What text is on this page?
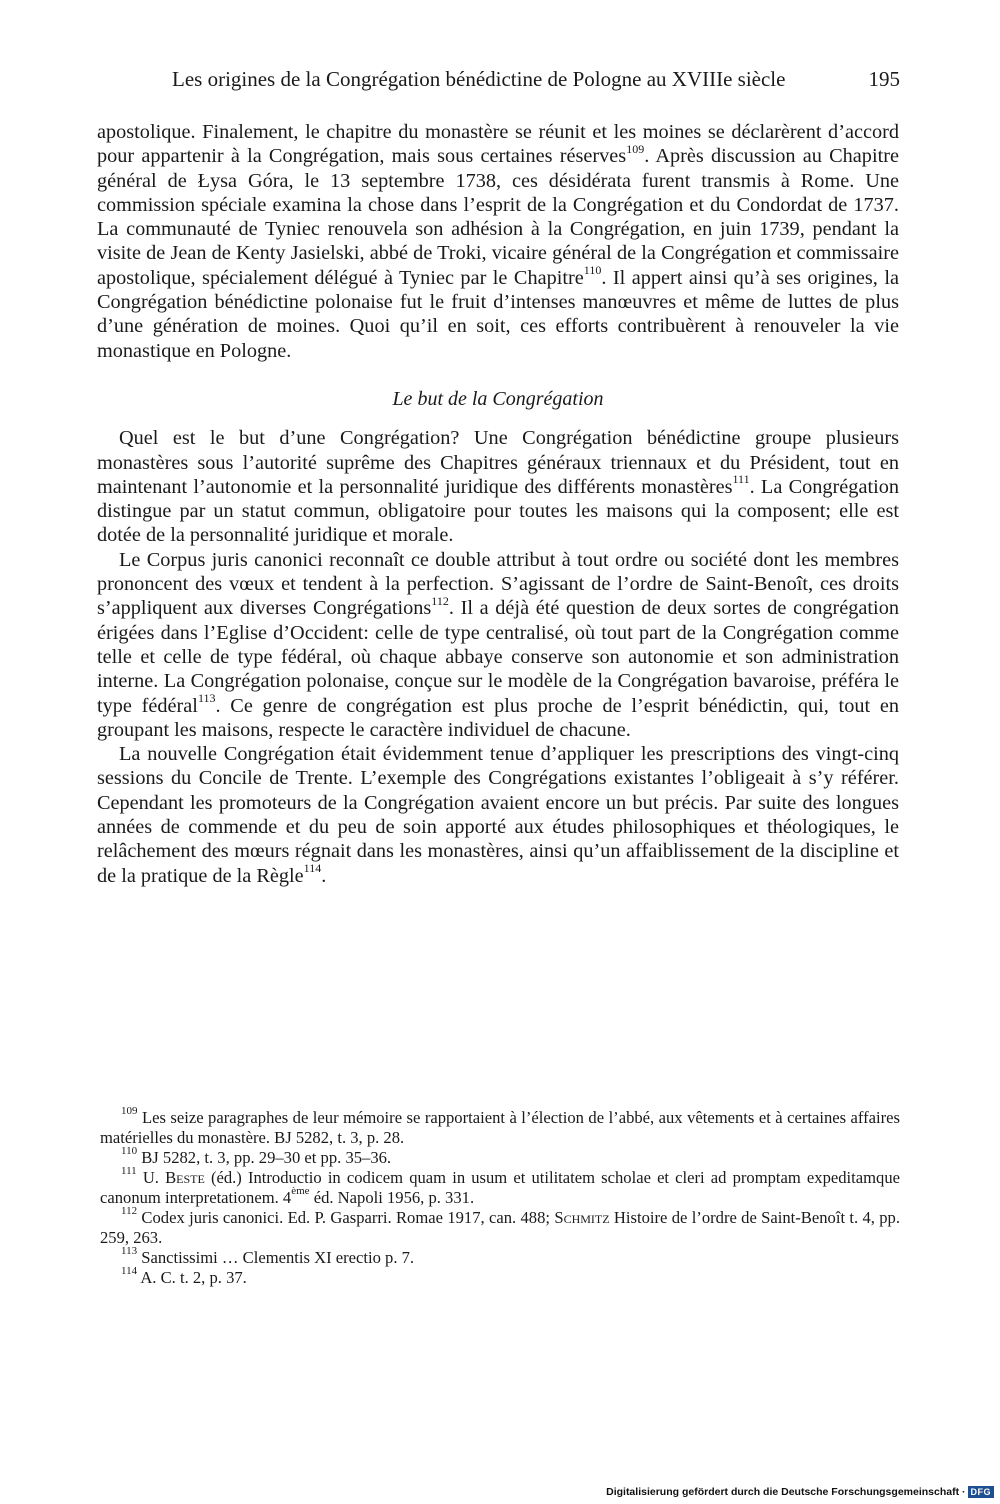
Les origines de la Congrégation bénédictine de Pologne au XVIIIe siècle	195

apostolique. Finalement, le chapitre du monastère se réunit et les moines se déclarèrent d’accord pour appartenir à la Congrégation, mais sous certaines réserves$^{109}$. Après discussion au Chapitre général de Łysa Góra, le 13 septembre 1738, ces désidérata furent transmis à Rome. Une commission spéciale examina la chose dans l’esprit de la Congrégation et du Condordat de 1737. La communauté de Tyniec renouvela son adhésion à la Congrégation, en juin 1739, pendant la visite de Jean de Kenty Jasielski, abbé de Troki, vicaire général de la Congrégation et commissaire apostolique, spécialement délégué à Tyniec par le Chapitre$^{110}$. Il appert ainsi qu’à ses origines, la Congrégation bénédictine polonaise fut le fruit d’intenses manœuvres et même de luttes de plus d’une génération de moines. Quoi qu’il en soit, ces efforts contribuèrent à renouveler la vie monastique en Pologne.

Le but de la Congrégation

Quel est le but d’une Congrégation? Une Congrégation bénédictine groupe plusieurs monastères sous l’autorité suprême des Chapitres généraux triennaux et du Président, tout en maintenant l’autonomie et la personnalité juridique des différents monastères$^{111}$. La Congrégation distingue par un statut commun, obligatoire pour toutes les maisons qui la composent; elle est dotée de la personnalité juridique et morale.

Le Corpus juris canonici reconnaît ce double attribut à tout ordre ou société dont les membres prononcent des vœux et tendent à la perfection. S’agissant de l’ordre de Saint-Benoît, ces droits s’appliquent aux diverses Congrégations$^{112}$. Il a déjà été question de deux sortes de congrégation érigées dans l’Eglise d’Occident: celle de type centralisé, où tout part de la Congrégation comme telle et celle de type fédéral, où chaque abbaye conserve son autonomie et son administration interne. La Congrégation polonaise, conçue sur le modèle de la Congrégation bavaroise, préféra le type fédéral$^{113}$. Ce genre de congrégation est plus proche de l’esprit bénédictin, qui, tout en groupant les maisons, respecte le caractère individuel de chacune.

La nouvelle Congrégation était évidemment tenue d’appliquer les prescriptions des vingt-cinq sessions du Concile de Trente. L’exemple des Congrégations existantes l’obligeait à s’y référer. Cependant les promoteurs de la Congrégation avaient encore un but précis. Par suite des longues années de commende et du peu de soin apporté aux études philosophiques et théologiques, le relâchement des mœurs régnait dans les monastères, ainsi qu’un affaiblissement de la discipline et de la pratique de la Règle$^{114}$.

$^{109}$ Les seize paragraphes de leur mémoire se rapportaient à l’élection de l’abbé, aux vêtements et à certaines affaires matérielles du monastère. BJ 5282, t. 3, p. 28.

$^{110}$ BJ 5282, t. 3, pp. 29–30 et pp. 35–36.

$^{111}$ U. Beste (éd.) Introductio in codicem quam in usum et utilitatem scholae et cleri ad promptam expeditamque canonum interpretationem. 4ème éd. Napoli 1956, p. 331.

$^{112}$ Codex juris canonici. Ed. P. Gasparri. Romae 1917, can. 488; Schmitz Histoire de l’ordre de Saint-Benoît t. 4, pp. 259, 263.

$^{113}$ Sanctissimi … Clementis XI erectio p. 7.

$^{114}$ A. C. t. 2, p. 37.

Digitalisierung gefördert durch die Deutsche Forschungsgemeinschaft · DFG
